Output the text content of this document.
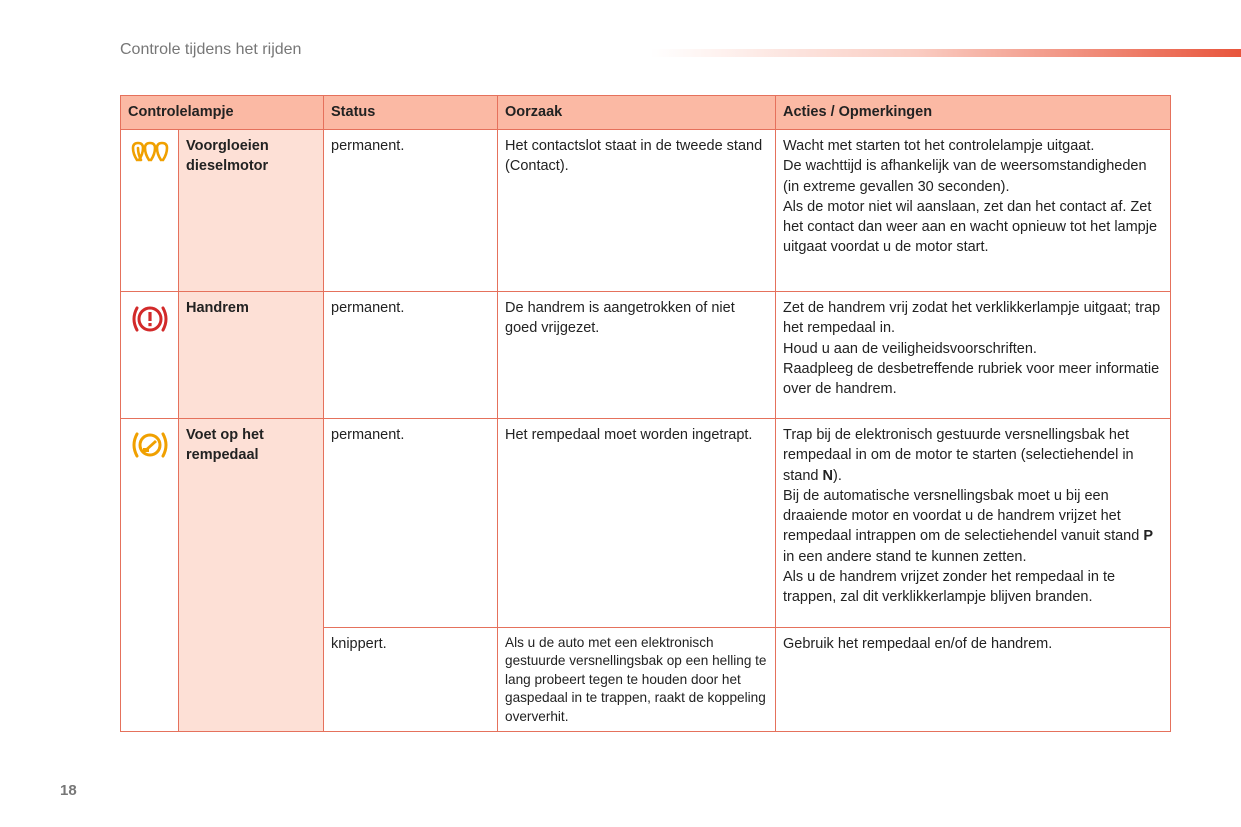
Controle tijdens het rijden
Controlelampje		Status	Oorzaak	Acties / Opmerkingen

	Voorgloeien dieselmotor	permanent.	Het contactslot staat in de tweede stand (Contact).	Wacht met starten tot het controlelampje uitgaat.
De wachttijd is afhankelijk van de weersomstandigheden (in extreme gevallen 30 seconden).
Als de motor niet wil aanslaan, zet dan het contact af. Zet het contact dan weer aan en wacht opnieuw tot het lampje uitgaat voordat u de motor start.

	Handrem	permanent.	De handrem is aangetrokken of niet goed vrijgezet.	Zet de handrem vrij zodat het verklikkerlampje uitgaat; trap het rempedaal in.
Houd u aan de veiligheidsvoorschriften.
Raadpleeg de desbetreffende rubriek voor meer informatie over de handrem.

	Voet op het rempedaal	permanent.	Het rempedaal moet worden ingetrapt.	Trap bij de elektronisch gestuurde versnellingsbak het rempedaal in om de motor te starten (selectiehendel in stand N).
Bij de automatische versnellingsbak moet u bij een draaiende motor en voordat u de handrem vrijzet het rempedaal intrappen om de selectiehendel vanuit stand P in een andere stand te kunnen zetten.
Als u de handrem vrijzet zonder het rempedaal in te trappen, zal dit verklikkerlampje blijven branden.

		knippert.	Als u de auto met een elektronisch gestuurde versnellingsbak op een helling te lang probeert tegen te houden door het gaspedaal in te trappen, raakt de koppeling oververhit.	Gebruik het rempedaal en/of de handrem.
18
